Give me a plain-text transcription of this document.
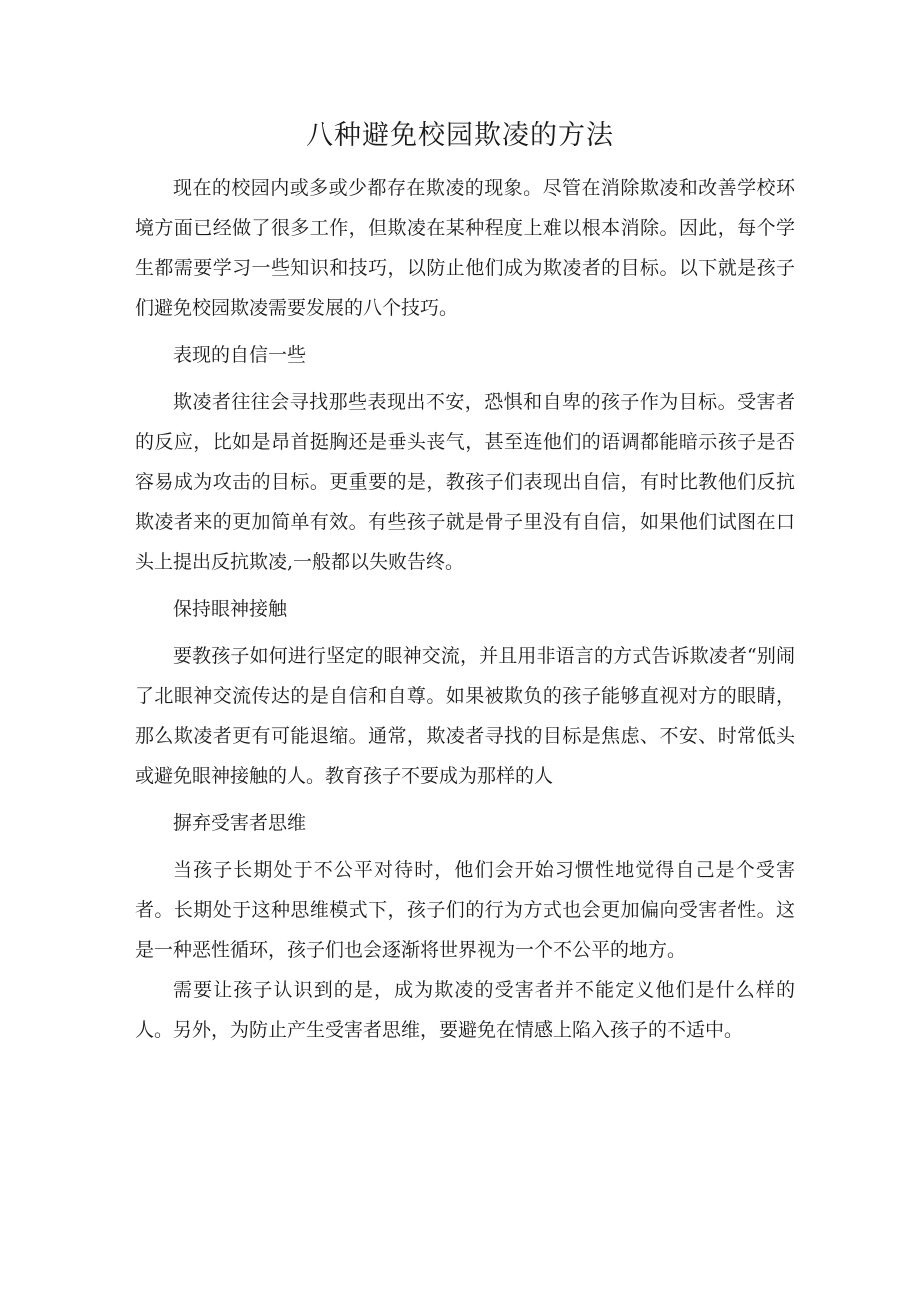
八种避免校园欺凌的方法

现在的校园内或多或少都存在欺凌的现象。尽管在消除欺凌和改善学校环境方面已经做了很多工作，但欺凌在某种程度上难以根本消除。因此，每个学生都需要学习一些知识和技巧，以防止他们成为欺凌者的目标。以下就是孩子们避免校园欺凌需要发展的八个技巧。

表现的自信一些

欺凌者往往会寻找那些表现出不安，恐惧和自卑的孩子作为目标。受害者的反应，比如是昂首挺胸还是垂头丧气，甚至连他们的语调都能暗示孩子是否容易成为攻击的目标。更重要的是，教孩子们表现出自信，有时比教他们反抗欺凌者来的更加简单有效。有些孩子就是骨子里没有自信，如果他们试图在口头上提出反抗欺凌,一般都以失败告终。

保持眼神接触

要教孩子如何进行坚定的眼神交流，并且用非语言的方式告诉欺凌者“别闹了北眼神交流传达的是自信和自尊。如果被欺负的孩子能够直视对方的眼睛，那么欺凌者更有可能退缩。通常，欺凌者寻找的目标是焦虑、不安、时常低头或避免眼神接触的人。教育孩子不要成为那样的人

摒弃受害者思维

当孩子长期处于不公平对待时，他们会开始习惯性地觉得自己是个受害者。长期处于这种思维模式下，孩子们的行为方式也会更加偏向受害者性。这是一种恶性循环，孩子们也会逐渐将世界视为一个不公平的地方。

需要让孩子认识到的是，成为欺凌的受害者并不能定义他们是什么样的人。另外，为防止产生受害者思维，要避免在情感上陷入孩子的不适中。
